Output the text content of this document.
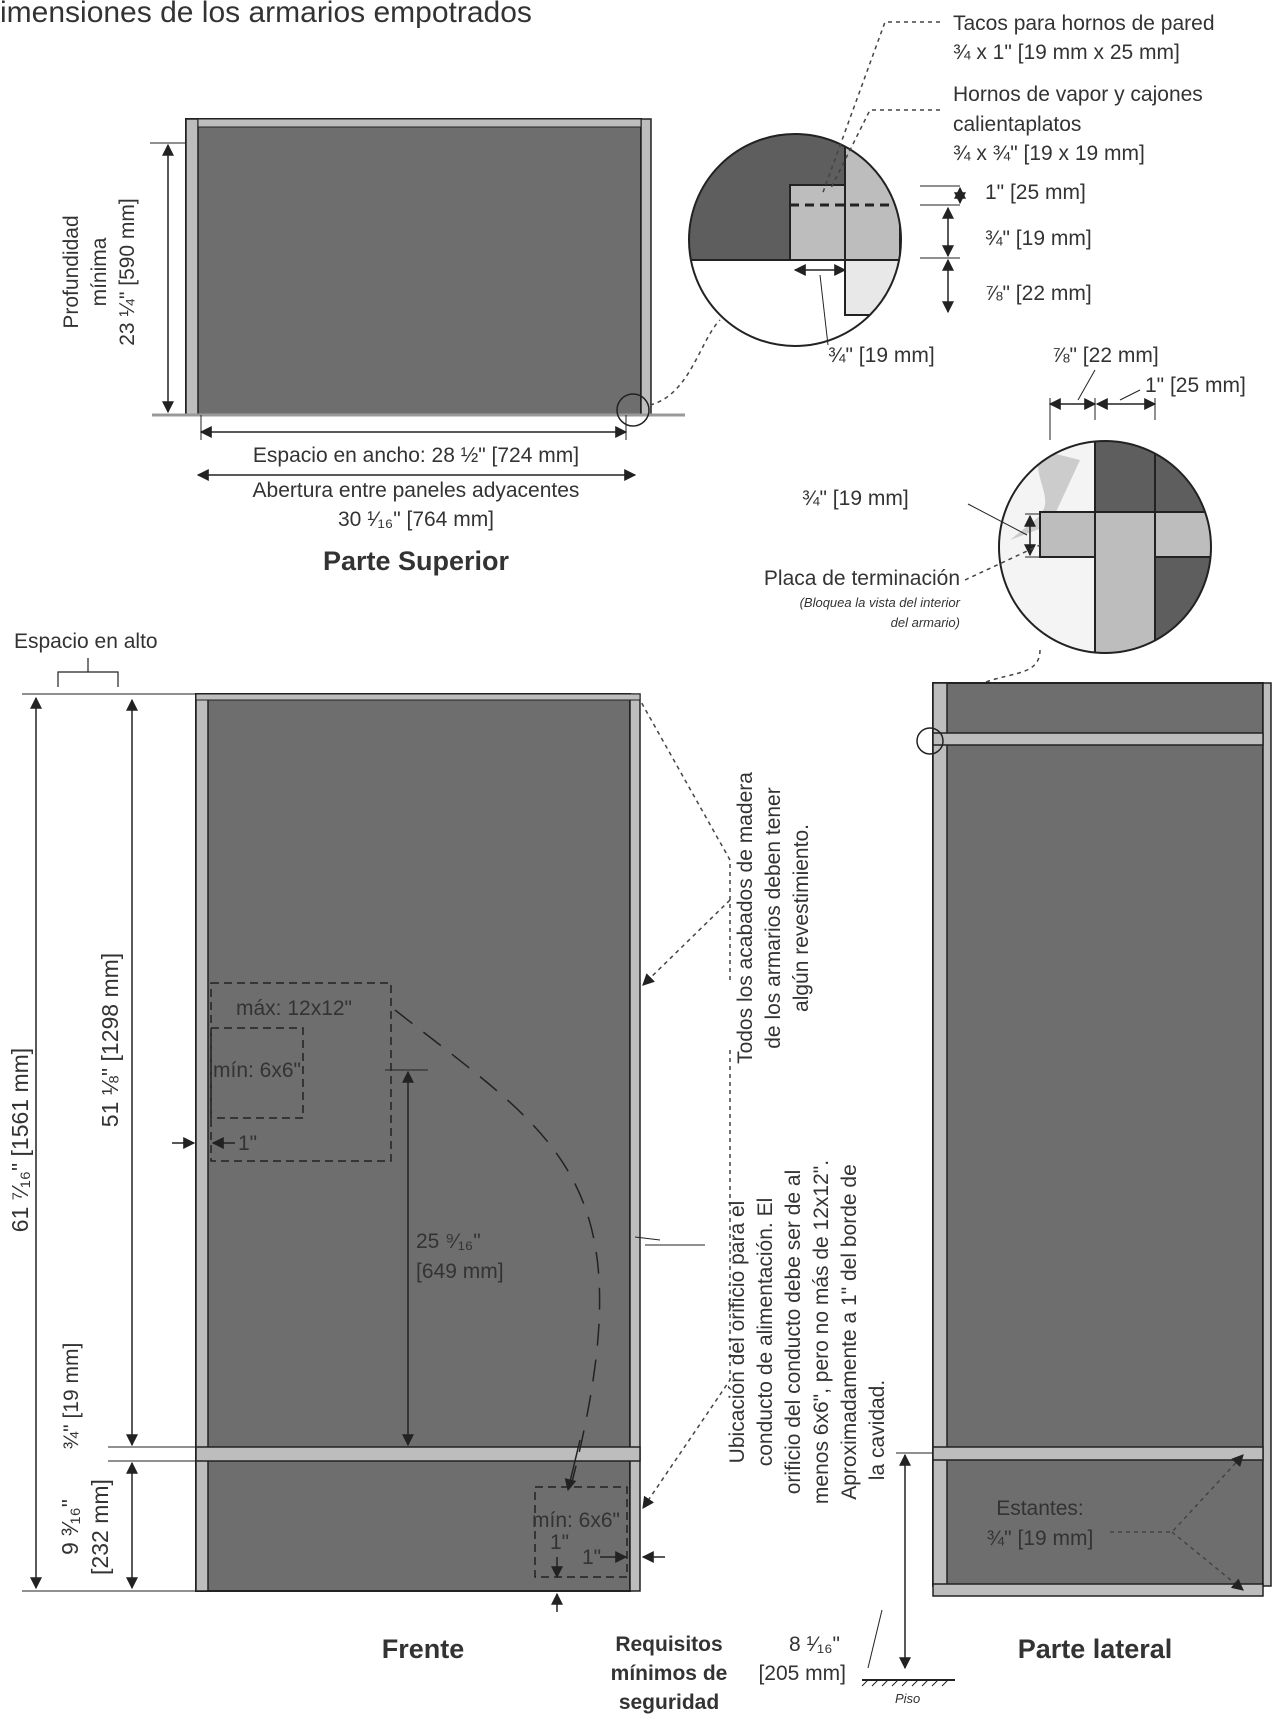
imensiones de los armarios empotrados
Profundidad mínima 23 ¼" [590 mm]
Espacio en ancho: 28 ½" [724 mm]
Abertura entre paneles adyacentes
30 ¹⁄₁₆" [764 mm]
Parte Superior
Tacos para hornos de pared
¾ x 1" [19 mm x 25 mm]
Hornos de vapor y cajones
calientaplatos
¾ x ¾" [19 x 19 mm]
1" [25 mm]
¾" [19 mm]
⅞" [22 mm]
¾" [19 mm]	⅞" [22 mm]
1" [25 mm]
¾" [19 mm]
Placa de terminación
(Bloquea la vista del interior
del armario)
Espacio en alto
61 ⁷⁄₁₆" [1561 mm]
51 ⅛" [1298 mm]
¾" [19 mm]
9 ³⁄₁₆" [232 mm]
máx: 12x12"
mín: 6x6"
1"
25 ⁹⁄₁₆"
[649 mm]
mín: 6x6"
1"
1"
Frente	Requisitos
mínimos de
seguridad
Todos los acabados de madera de los armarios deben tener algún revestimiento.
Ubicación del orificio para el conducto de alimentación. El orificio del conducto debe ser de al menos 6x6", pero no más de 12x12". Aproximadamente a 1" del borde de la cavidad.
Piso
8 ¹⁄₁₆"
[205 mm]
Estantes:
¾" [19 mm]
Parte lateral
